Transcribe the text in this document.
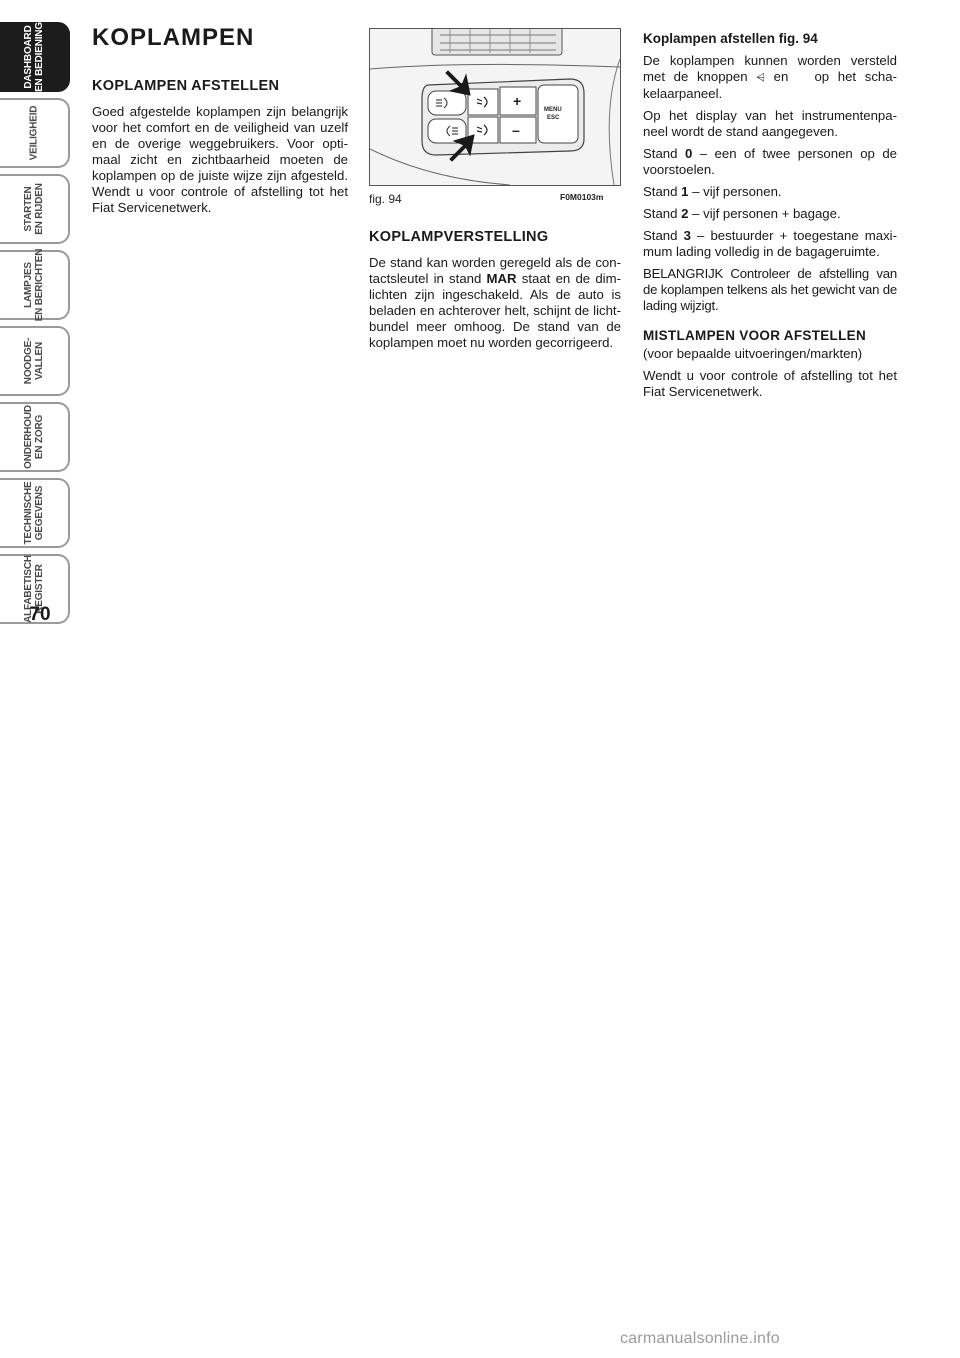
DASHBOARD
EN BEDIENING
VEILIGHEID
STARTEN
EN RIJDEN
LAMPJES
EN BERICHTEN
NOODGE-
VALLEN
ONDERHOUD
EN ZORG
TECHNISCHE
GEGEVENS
ALFABETISCH
REGISTER
70
KOPLAMPEN
KOPLAMPEN AFSTELLEN

Goed afgestelde koplampen zijn belangrijk voor het comfort en de veiligheid van uzelf en de overige weggebruikers. Voor opti-maal zicht en zichtbaarheid moeten de koplampen op de juiste wijze zijn afgesteld. Wendt u voor controle of afstelling tot het Fiat Servicenetwerk.

+
–
MENU
ESC
fig. 94	F0M0103m
KOPLAMPVERSTELLING

De stand kan worden geregeld als de con-tactsleutel in stand MAR staat en de dim-lichten zijn ingeschakeld. Als de auto is beladen en achterover helt, schijnt de licht-bundel meer omhoog. De stand van de koplampen moet nu worden gecorrigeerd.

Koplampen afstellen fig. 94

De koplampen kunnen worden versteld met de knoppen ⩤ en op het scha-kelaarpaneel.

Op het display van het instrumentenpa-neel wordt de stand aangegeven.

Stand 0 – een of twee personen op de voorstoelen.

Stand 1 – vijf personen.

Stand 2 – vijf personen + bagage.

Stand 3 – bestuurder + toegestane maxi-mum lading volledig in de bagageruimte.

BELANGRIJK Controleer de afstelling van de koplampen telkens als het gewicht van de lading wijzigt.

MISTLAMPEN VOOR AFSTELLEN

(voor bepaalde uitvoeringen/markten)

Wendt u voor controle of afstelling tot het Fiat Servicenetwerk.

carmanualsonline.info
